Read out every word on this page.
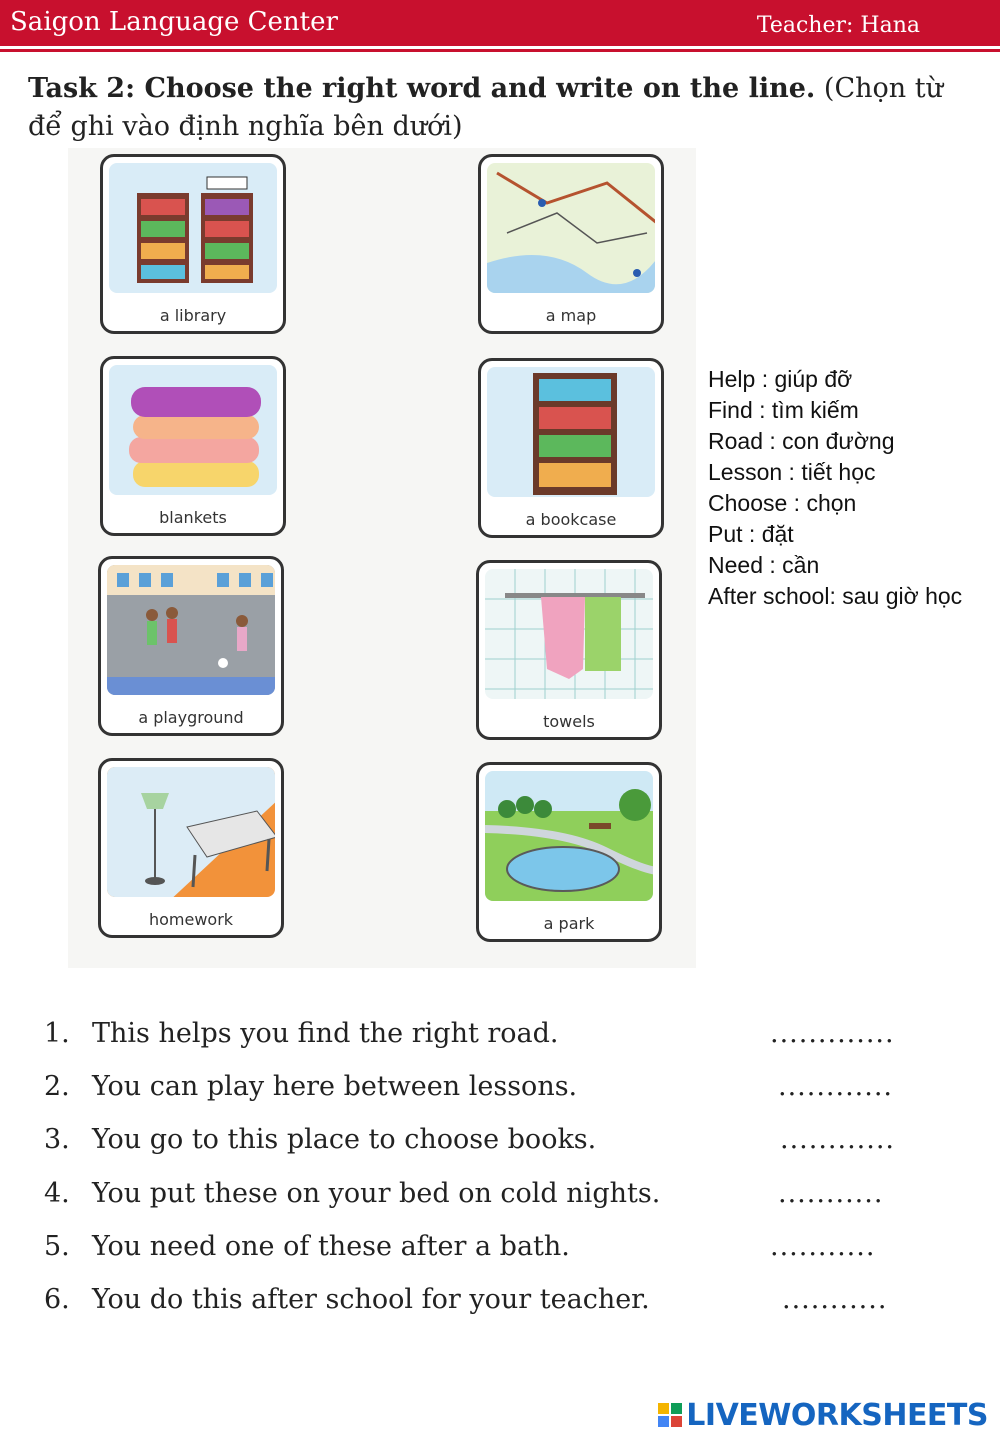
Saigon Language Center	Teacher: Hana
Task 2: Choose the right word and write on the line. (Chọn từ để ghi vào định nghĩa bên dưới)
a library	a map
blankets	a bookcase
a playground	towels
homework	a park
Help : giúp đỡ
Find : tìm kiếm
Road : con đường
Lesson : tiết học
Choose : chọn
Put : đặt
Need : cần
After school: sau giờ học
1. This helps you find the right road.	.............
2. You can play here between lessons.	............
3. You go to this place to choose books.	............
4. You put these on your bed on cold nights.	...........
5. You need one of these after a bath.	...........
6. You do this after school for your teacher.	...........
LIVEWORKSHEETS
